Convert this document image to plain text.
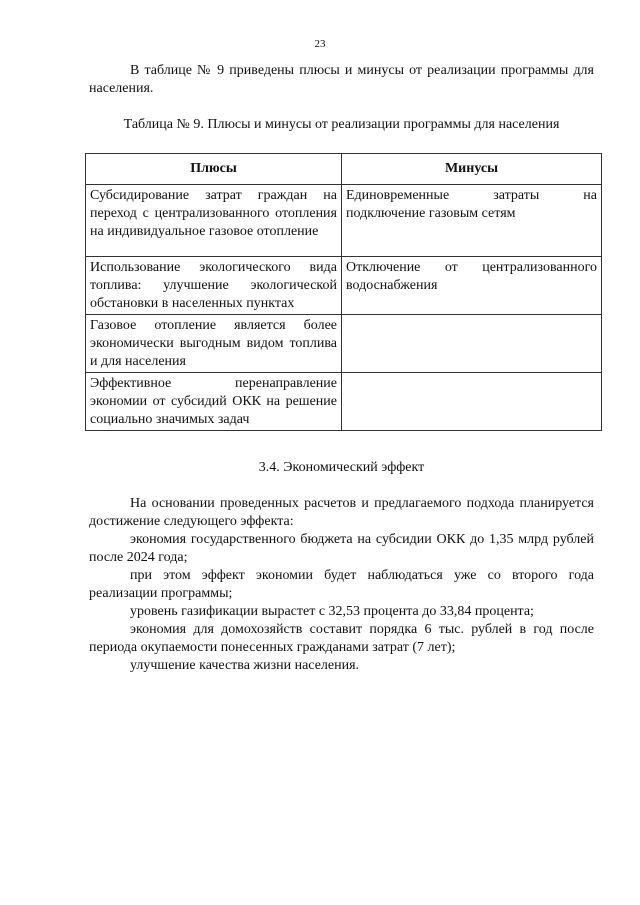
23

В таблице № 9 приведены плюсы и минусы от реализации программы для населения.

Таблица № 9. Плюсы и минусы от реализации программы для населения
Плюсы	Минусы
Субсидирование затрат граждан на переход с централизованного отопления на индивидуальное газовое отопление	Единовременные затраты на подключение газовым сетям
Использование экологического вида топлива: улучшение экологической обстановки в населенных пунктах	Отключение от централизованного водоснабжения
Газовое отопление является более экономически выгодным видом топлива и для населения	
Эффективное перенаправление экономии от субсидий ОКК на решение социально значимых задач	
3.4. Экономический эффект

На основании проведенных расчетов и предлагаемого подхода планируется достижение следующего эффекта:

экономия государственного бюджета на субсидии ОКК до 1,35 млрд рублей после 2024 года;

при этом эффект экономии будет наблюдаться уже со второго года реализации программы;

уровень газификации вырастет с 32,53 процента до 33,84 процента;

экономия для домохозяйств составит порядка 6 тыс. рублей в год после периода окупаемости понесенных гражданами затрат (7 лет);

улучшение качества жизни населения.
